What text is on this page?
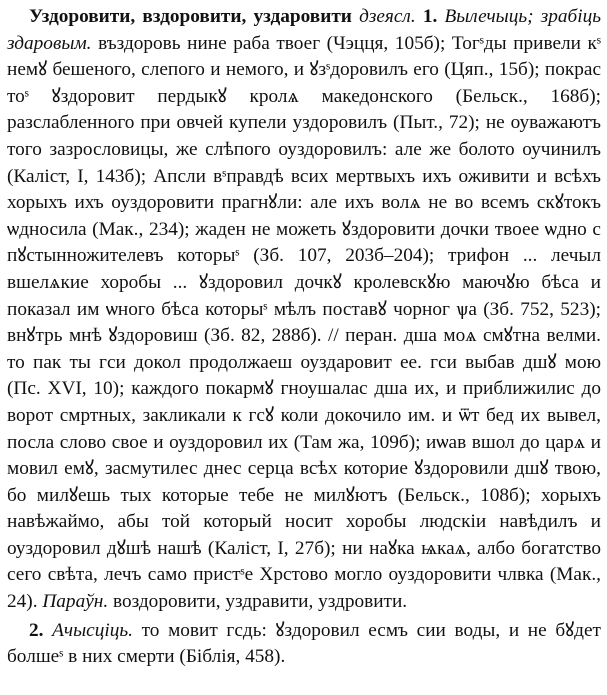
Уздоровити, вздоровити, уздаровити дзеясл. 1. Вылечыць; зрабіць здаровым. въздоровь нине раба твоег (Чэцця, 105б); Тогˢды привели кˢ немꙋ бешеного, слепого и немого, и ꙋзˢдоровилъ его (Цяп., 15б); покрас тоˢ ꙋздоровит пердыкꙋ кролѧ македонского (Бельск., 168б); разслабленного при овчей купели уздоровилъ (Пыт., 72); не оуважаютъ того зазрословицы, же слѣпого оуздоровилъ: але же болото оучинилъ (Каліст, І, 143б); Апсли вˢправдѣ всих мертвыхъ ихъ оживити и всѣхъ хорыхъ ихъ оуздоровити прагнꙋли: але ихъ волѧ не во всемъ скꙋтокъ ѡдносила (Мак., 234); жаден не можеть ꙋздоровити дочки твоее ѡдно с пꙋстынножителевъ которыˢ (Зб. 107, 203б–204); трифон ... лечыл вшелѧкие хоробы ... ꙋздоровил дочкꙋ кролевскꙋю маючꙋю бѣса и показал им ѡного бѣса которыˢ мѣлъ поставꙋ чорног ѱа (Зб. 752, 523); внꙋтрь мнѣ ꙋздоровиш (Зб. 82, 288б). // перан. дша моѧ смꙋтна велми. то пак ты гси докол продолжаеш оуздаровит ее. гси выбав дшꙋ мою (Пс. XVI, 10); каждого покармꙋ гноушалас дша их, и приближилис до ворот смртных, закликали к гсꙋ коли докочило им. и ѿт бед их вывел, посла слово свое и оуздоровил их (Там жа, 109б); иѡав вшол до царѧ и мовил емꙋ, засмутилес днес серца всѣх которие ꙋздоровили дшꙋ твою, бо милꙋешь тых которые тебе не милꙋютъ (Бельск., 108б); хорыхъ навѣжаймо, абы той который носит хоробы людскіи навѣдилъ и оуздоровил дꙋшѣ нашѣ (Каліст, І, 27б); ни наꙋка ѩкаѧ, албо богатство сего свѣта, лечъ само пристˢе Хрстово могло оуздоровити члвка (Мак., 24). Параўн. воздоровити, уздравити, уздровити.

2. Ачысціць. то мовит гсдь: ꙋздоровил есмъ сии воды, и не бꙋдет болшеˢ в них смерти (Біблія, 458).
